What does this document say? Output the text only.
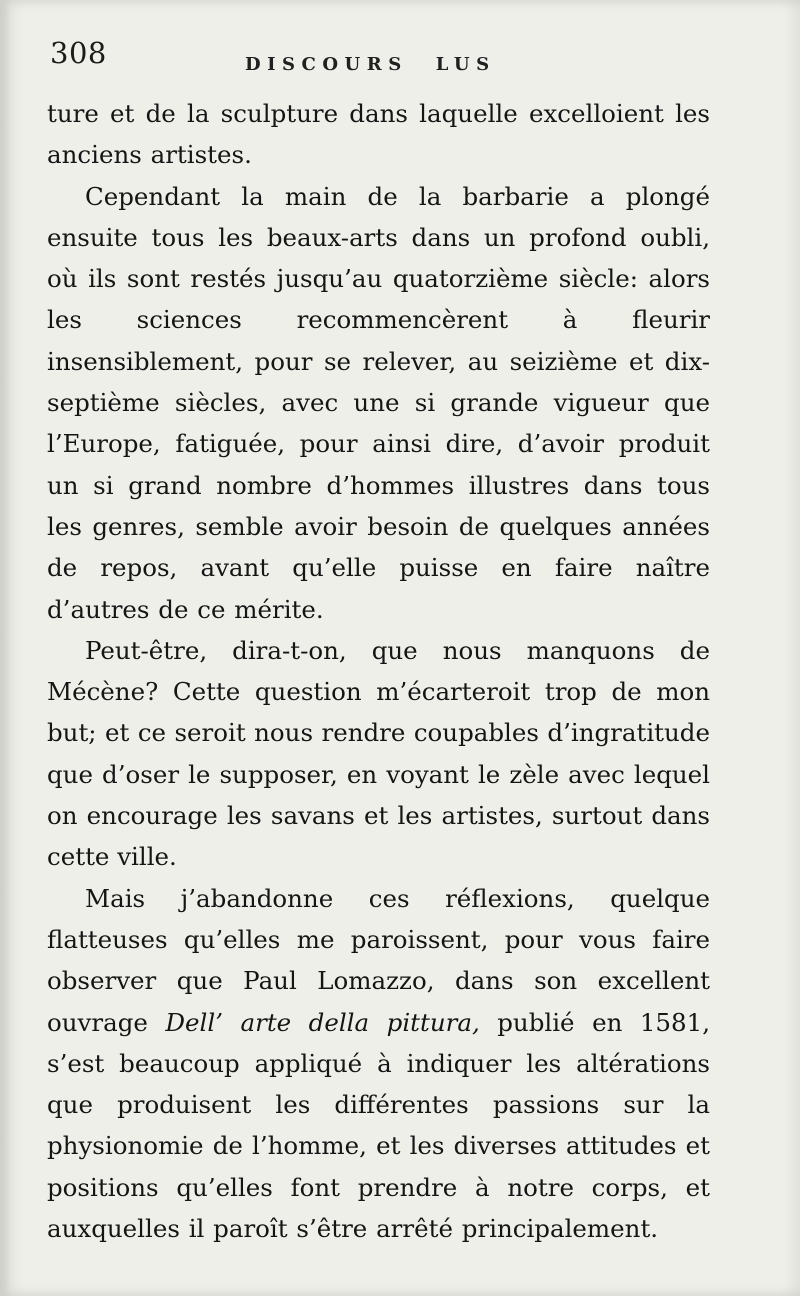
308	DISCOURS LUS

ture et de la sculpture dans laquelle excelloient les anciens artistes.

Cependant la main de la barbarie a plongé ensuite tous les beaux-arts dans un profond oubli, où ils sont restés jusqu’au quatorzième siècle: alors les sciences recommencèrent à fleurir insensiblement, pour se relever, au seizième et dix-septième siècles, avec une si grande vigueur que l’Europe, fatiguée, pour ainsi dire, d’avoir produit un si grand nombre d’hommes illustres dans tous les genres, semble avoir besoin de quelques années de repos, avant qu’elle puisse en faire naître d’autres de ce mérite.

Peut-être, dira-t-on, que nous manquons de Mécène? Cette question m’écarteroit trop de mon but; et ce seroit nous rendre coupables d’ingratitude que d’oser le supposer, en voyant le zèle avec lequel on encourage les savans et les artistes, surtout dans cette ville.

Mais j’abandonne ces réflexions, quelque flatteuses qu’elles me paroissent, pour vous faire observer que Paul Lomazzo, dans son excellent ouvrage Dell’ arte della pittura, publié en 1581, s’est beaucoup appliqué à indiquer les altérations que produisent les différentes passions sur la physionomie de l’homme, et les diverses attitudes et positions qu’elles font prendre à notre corps, et auxquelles il paroît s’être arrêté principalement.
